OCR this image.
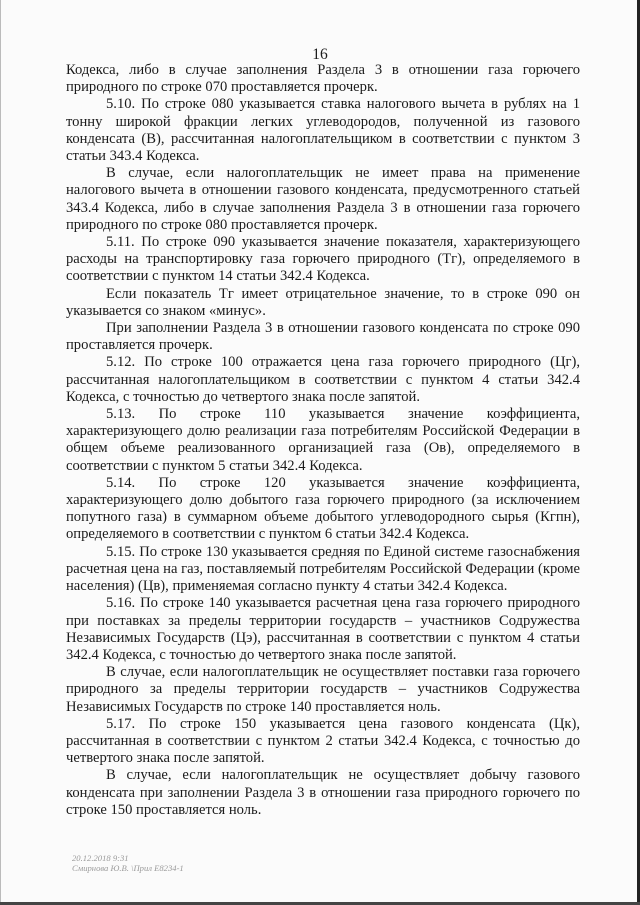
16

Кодекса, либо в случае заполнения Раздела 3 в отношении газа горючего природного по строке 070 проставляется прочерк.

5.10. По строке 080 указывается ставка налогового вычета в рублях на 1 тонну широкой фракции легких углеводородов, полученной из газового конденсата (В), рассчитанная налогоплательщиком в соответствии с пунктом 3 статьи 343.4 Кодекса.

В случае, если налогоплательщик не имеет права на применение налогового вычета в отношении газового конденсата, предусмотренного статьей 343.4 Кодекса, либо в случае заполнения Раздела 3 в отношении газа горючего природного по строке 080 проставляется прочерк.

5.11. По строке 090 указывается значение показателя, характеризующего расходы на транспортировку газа горючего природного (Тг), определяемого в соответствии с пунктом 14 статьи 342.4 Кодекса.

Если показатель Тг имеет отрицательное значение, то в строке 090 он указывается со знаком «минус».

При заполнении Раздела 3 в отношении газового конденсата по строке 090 проставляется прочерк.

5.12. По строке 100 отражается цена газа горючего природного (Цг), рассчитанная налогоплательщиком в соответствии с пунктом 4 статьи 342.4 Кодекса, с точностью до четвертого знака после запятой.

5.13. По строке 110 указывается значение коэффициента, характеризующего долю реализации газа потребителям Российской Федерации в общем объеме реализованного организацией газа (Ов), определяемого в соответствии с пунктом 5 статьи 342.4 Кодекса.

5.14. По строке 120 указывается значение коэффициента, характеризующего долю добытого газа горючего природного (за исключением попутного газа) в суммарном объеме добытого углеводородного сырья (Кгпн), определяемого в соответствии с пунктом 6 статьи 342.4 Кодекса.

5.15. По строке 130 указывается средняя по Единой системе газоснабжения расчетная цена на газ, поставляемый потребителям Российской Федерации (кроме населения) (Цв), применяемая согласно пункту 4 статьи 342.4 Кодекса.

5.16. По строке 140 указывается расчетная цена газа горючего природного при поставках за пределы территории государств – участников Содружества Независимых Государств (Цэ), рассчитанная в соответствии с пунктом 4 статьи 342.4 Кодекса, с точностью до четвертого знака после запятой.

В случае, если налогоплательщик не осуществляет поставки газа горючего природного за пределы территории государств – участников Содружества Независимых Государств по строке 140 проставляется ноль.

5.17. По строке 150 указывается цена газового конденсата (Цк), рассчитанная в соответствии с пунктом 2 статьи 342.4 Кодекса, с точностью до четвертого знака после запятой.

В случае, если налогоплательщик не осуществляет добычу газового конденсата при заполнении Раздела 3 в отношении газа природного горючего по строке 150 проставляется ноль.

20.12.2018 9:31
Смирнова Ю.В. \Прил Е8234-1
